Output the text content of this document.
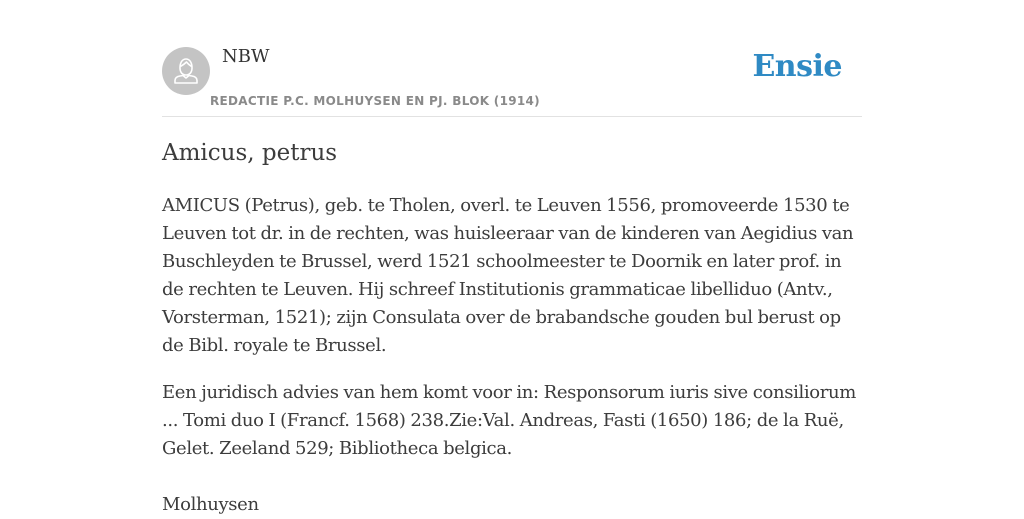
NBW
REDACTIE P.C. MOLHUYSEN EN PJ. BLOK (1914)
Ensie
Amicus, petrus

AMICUS (Petrus), geb. te Tholen, overl. te Leuven 1556, promoveerde 1530 te Leuven tot dr. in de rechten, was huisleeraar van de kinderen van Aegidius van Buschleyden te Brussel, werd 1521 schoolmeester te Doornik en later prof. in de rechten te Leuven. Hij schreef Institutionis grammaticae libelliduo (Antv., Vorsterman, 1521); zijn Consulata over de brabandsche gouden bul berust op de Bibl. royale te Brussel.

Een juridisch advies van hem komt voor in: Responsorum iuris sive consiliorum ... Tomi duo I (Francf. 1568) 238.Zie:Val. Andreas, Fasti (1650) 186; de la Ruë, Gelet. Zeeland 529; Bibliotheca belgica.

Molhuysen
